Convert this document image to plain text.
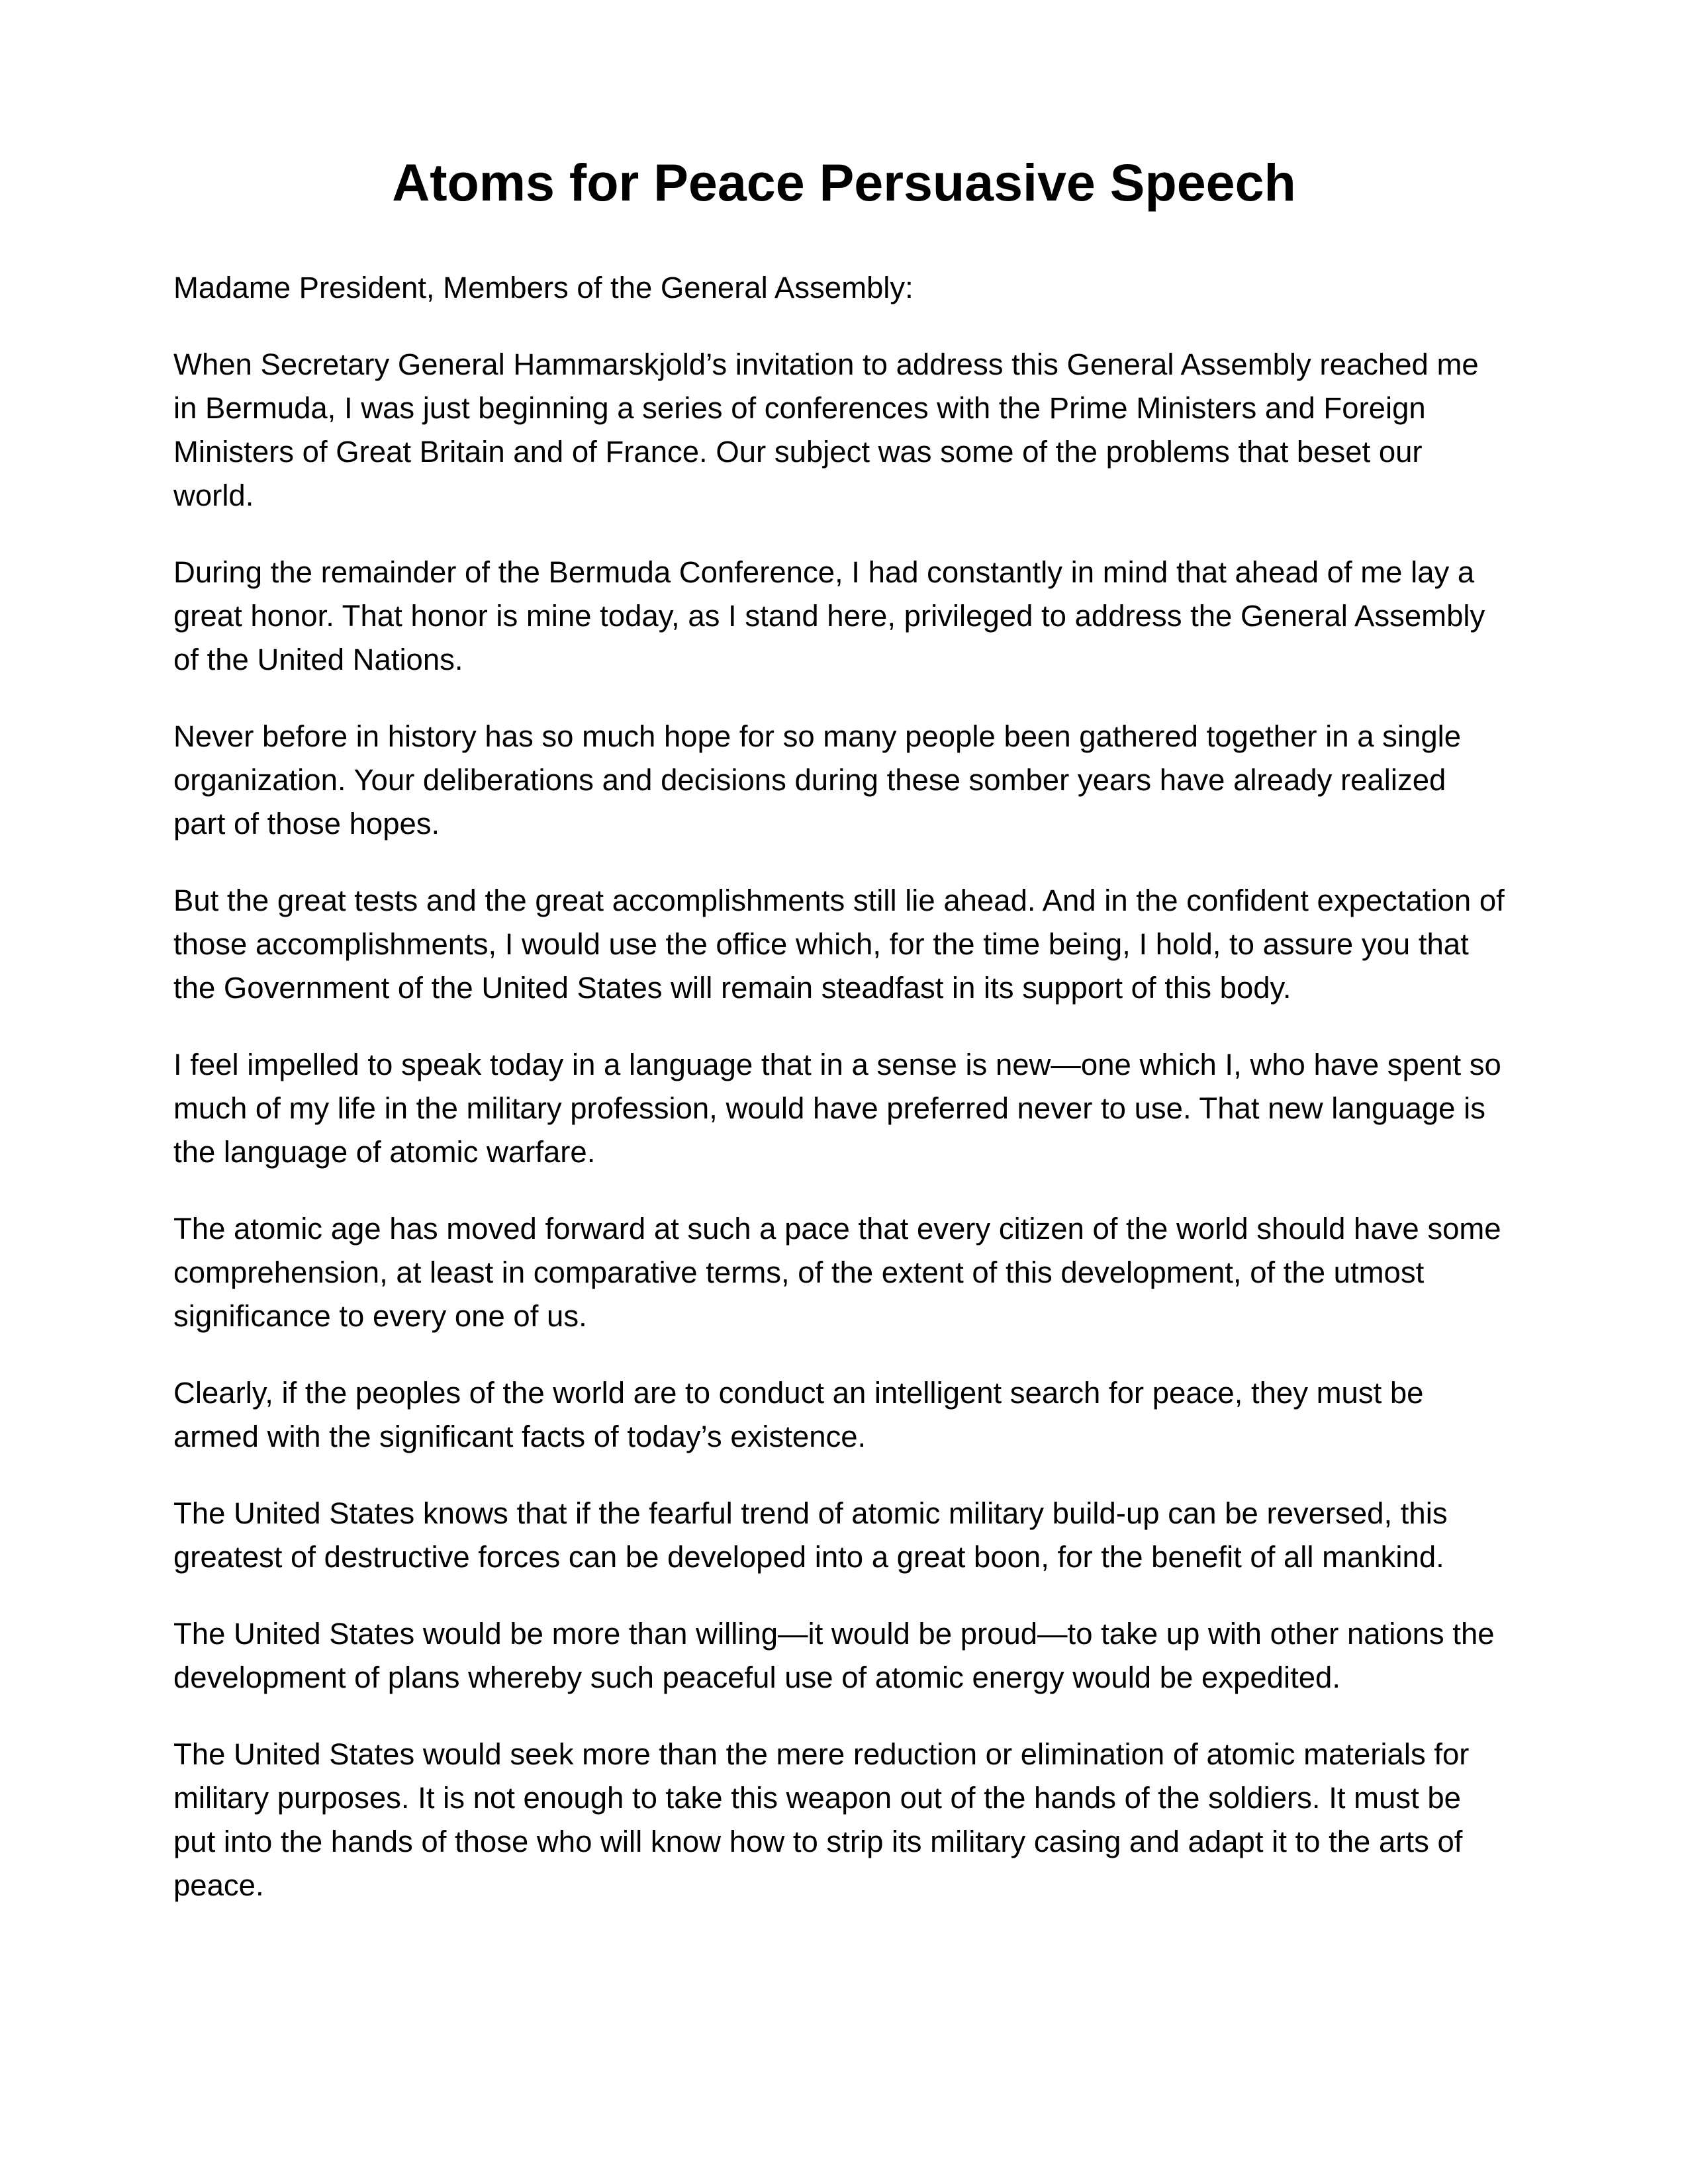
Atoms for Peace Persuasive Speech

Madame President, Members of the General Assembly:

When Secretary General Hammarskjold’s invitation to address this General Assembly reached me
in Bermuda, I was just beginning a series of conferences with the Prime Ministers and Foreign
Ministers of Great Britain and of France. Our subject was some of the problems that beset our
world.

During the remainder of the Bermuda Conference, I had constantly in mind that ahead of me lay a
great honor. That honor is mine today, as I stand here, privileged to address the General Assembly
of the United Nations.

Never before in history has so much hope for so many people been gathered together in a single
organization. Your deliberations and decisions during these somber years have already realized
part of those hopes.

But the great tests and the great accomplishments still lie ahead. And in the confident expectation of
those accomplishments, I would use the office which, for the time being, I hold, to assure you that
the Government of the United States will remain steadfast in its support of this body.

I feel impelled to speak today in a language that in a sense is new—one which I, who have spent so
much of my life in the military profession, would have preferred never to use. That new language is
the language of atomic warfare.

The atomic age has moved forward at such a pace that every citizen of the world should have some
comprehension, at least in comparative terms, of the extent of this development, of the utmost
significance to every one of us.

Clearly, if the peoples of the world are to conduct an intelligent search for peace, they must be
armed with the significant facts of today’s existence.

The United States knows that if the fearful trend of atomic military build-up can be reversed, this
greatest of destructive forces can be developed into a great boon, for the benefit of all mankind.

The United States would be more than willing—it would be proud—to take up with other nations the
development of plans whereby such peaceful use of atomic energy would be expedited.

The United States would seek more than the mere reduction or elimination of atomic materials for
military purposes. It is not enough to take this weapon out of the hands of the soldiers. It must be
put into the hands of those who will know how to strip its military casing and adapt it to the arts of
peace.
